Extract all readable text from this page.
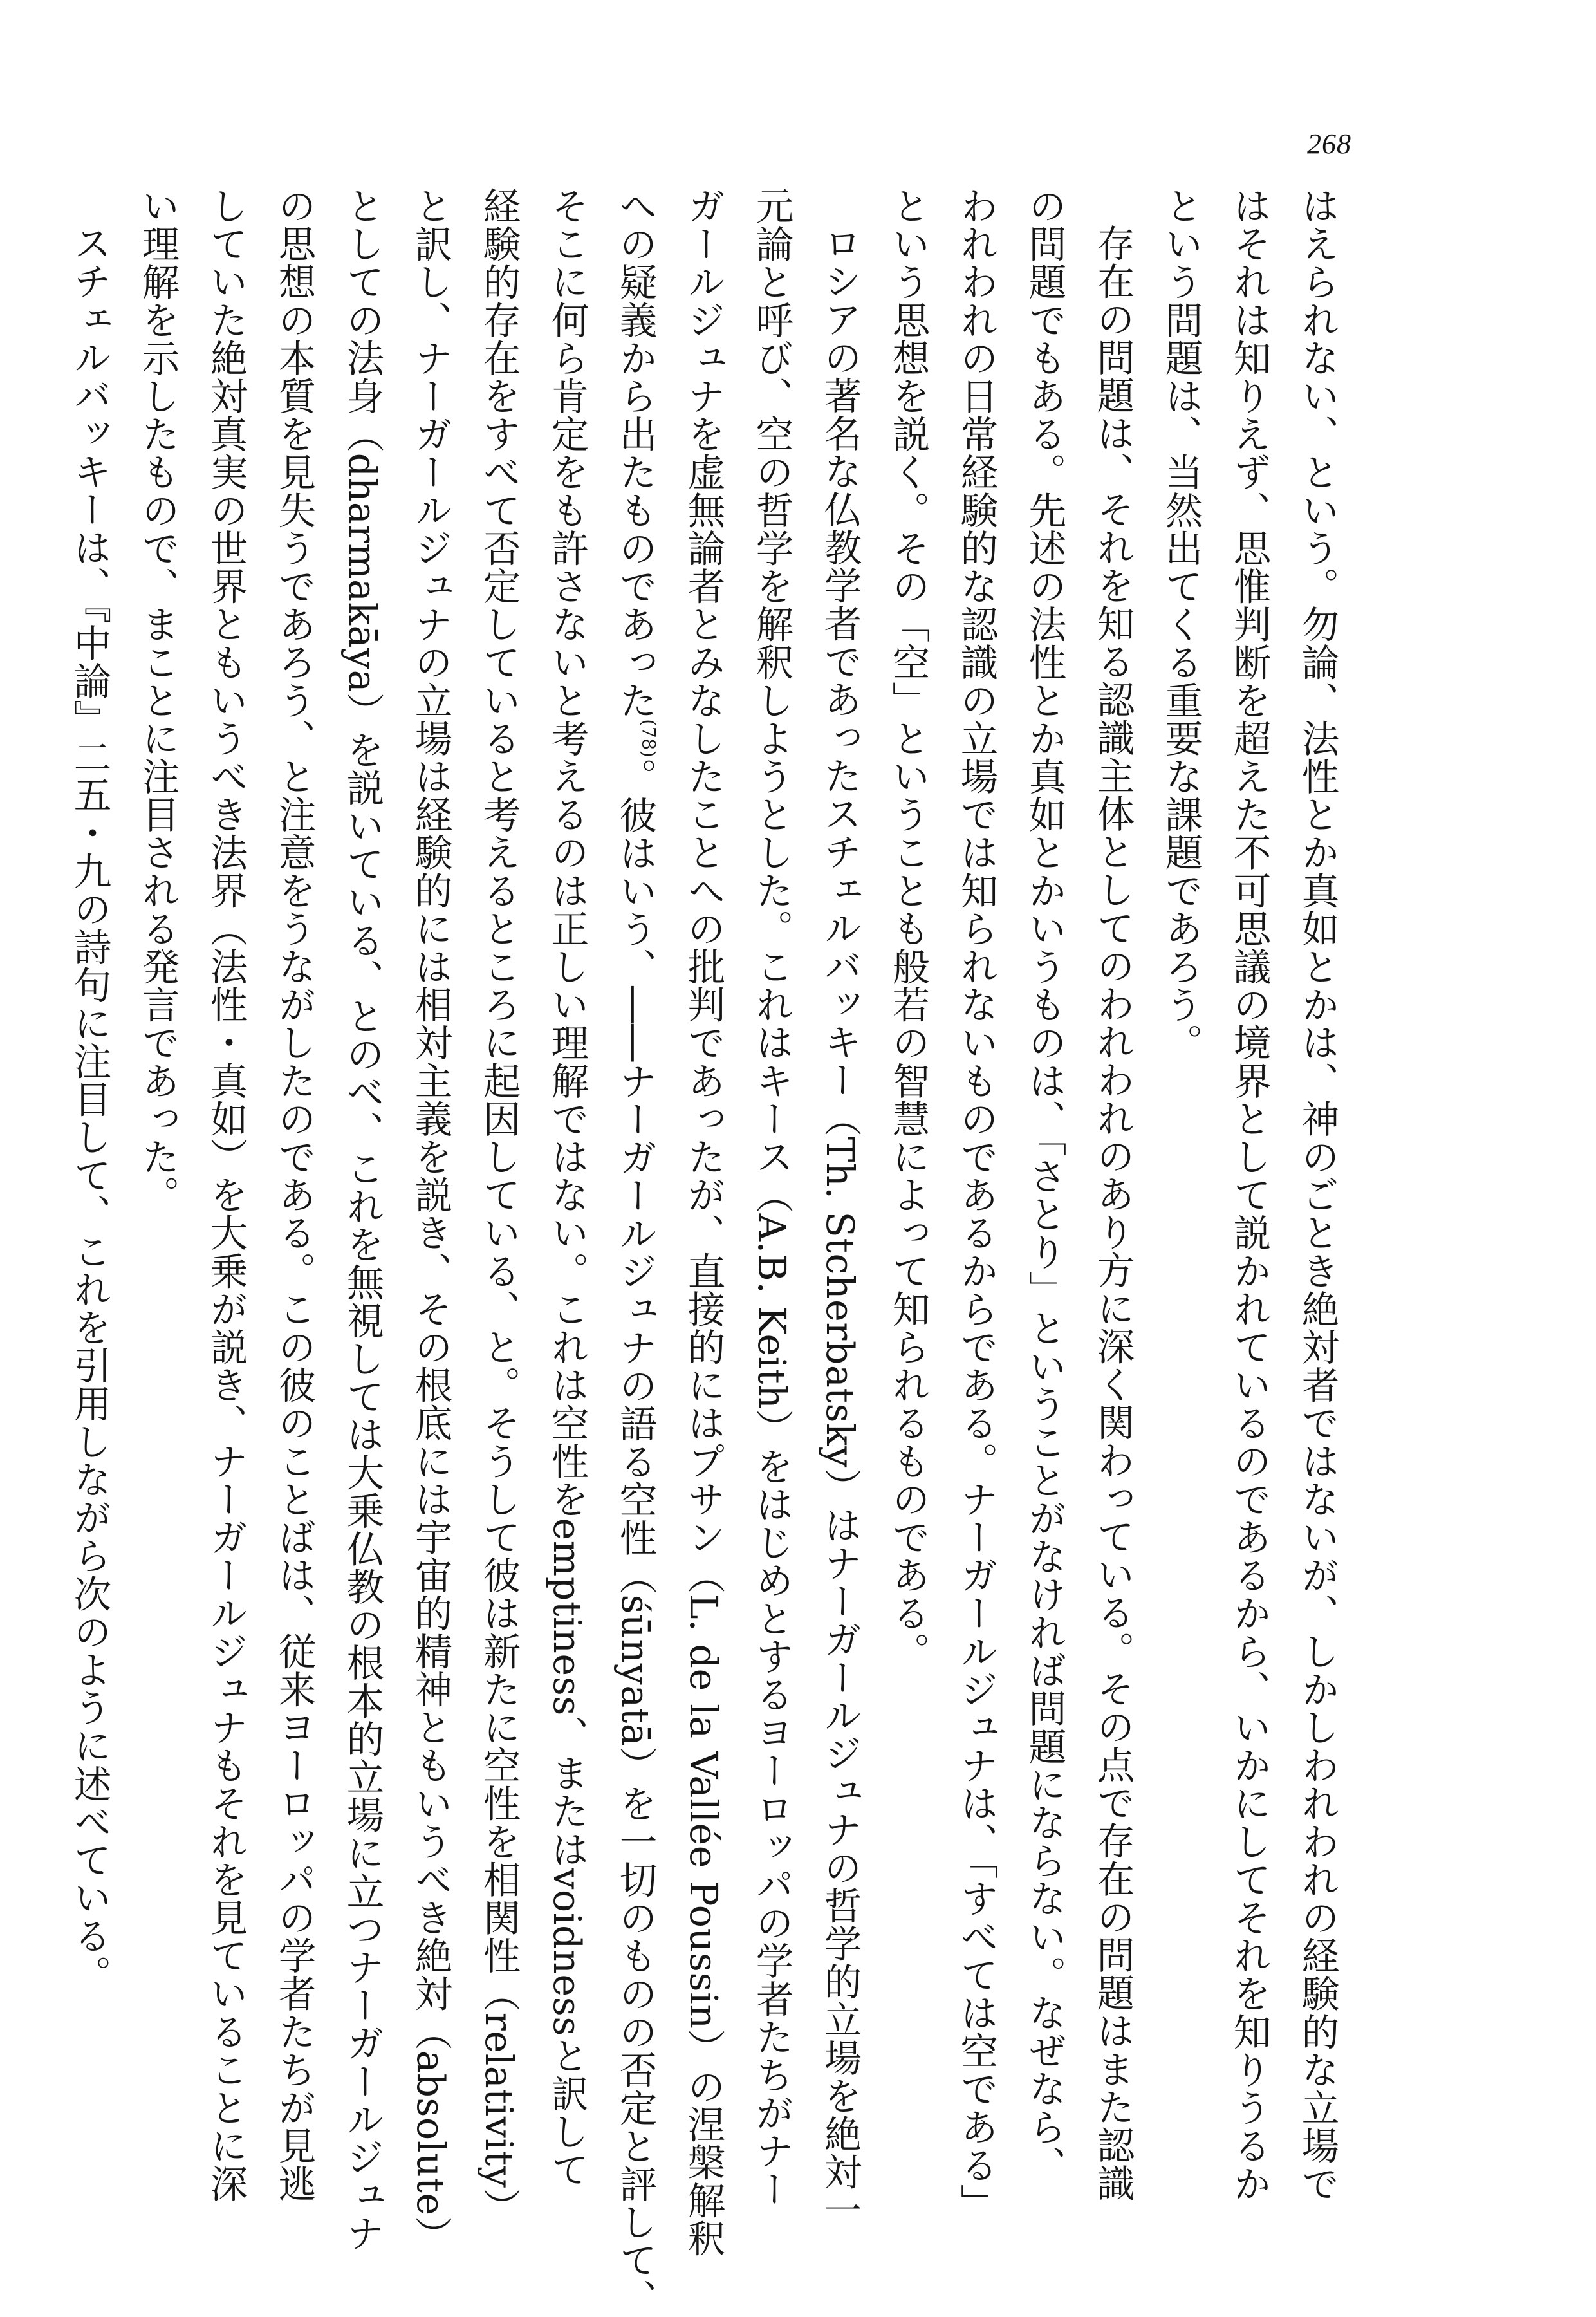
268
はえられない、という。勿論、法性とか真如とかは、神のごとき絶対者ではないが、しかしわれわれの経験的な立場で
はそれは知りえず、思惟判断を超えた不可思議の境界として説かれているのであるから、いかにしてそれを知りうるか
という問題は、当然出てくる重要な課題であろう。
存在の問題は、それを知る認識主体としてのわれわれのあり方に深く関わっている。その点で存在の問題はまた認識
の問題でもある。先述の法性とか真如とかいうものは、「さとり」ということがなければ問題にならない。なぜなら、
われわれの日常経験的な認識の立場では知られないものであるからである。ナーガールジュナは、「すべては空である」
という思想を説く。その「空」ということも般若の智慧によって知られるものである。
ロシアの著名な仏教学者であったスチェルバッキー（Th. Stcherbatsky）はナーガールジュナの哲学的立場を絶対一
元論と呼び、空の哲学を解釈しようとした。これはキース（A.B. Keith）をはじめとするヨーロッパの学者たちがナー
ガールジュナを虚無論者とみなしたことへの批判であったが、直接的にはプサン（L. de la Vallée Poussin）の涅槃解釈
への疑義から出たものであった$^{(78)}$。彼はいう、――ナーガールジュナの語る空性（śūnyatā）を一切のものの否定と評して、
そこに何ら肯定をも許さないと考えるのは正しい理解ではない。これは空性をemptiness、またはvoidnessと訳して
経験的存在をすべて否定していると考えるところに起因している、と。そうして彼は新たに空性を相関性（relativity）
と訳し、ナーガールジュナの立場は経験的には相対主義を説き、その根底には宇宙的精神ともいうべき絶対（absolute）
としての法身（dharmakāya）を説いている、とのべ、これを無視しては大乗仏教の根本的立場に立つナーガールジュナ
の思想の本質を見失うであろう、と注意をうながしたのである。この彼のことばは、従来ヨーロッパの学者たちが見逃
していた絶対真実の世界ともいうべき法界（法性・真如）を大乗が説き、ナーガールジュナもそれを見ていることに深
い理解を示したもので、まことに注目される発言であった。
スチェルバッキーは、『中論』二五・九の詩句に注目して、これを引用しながら次のように述べている。
